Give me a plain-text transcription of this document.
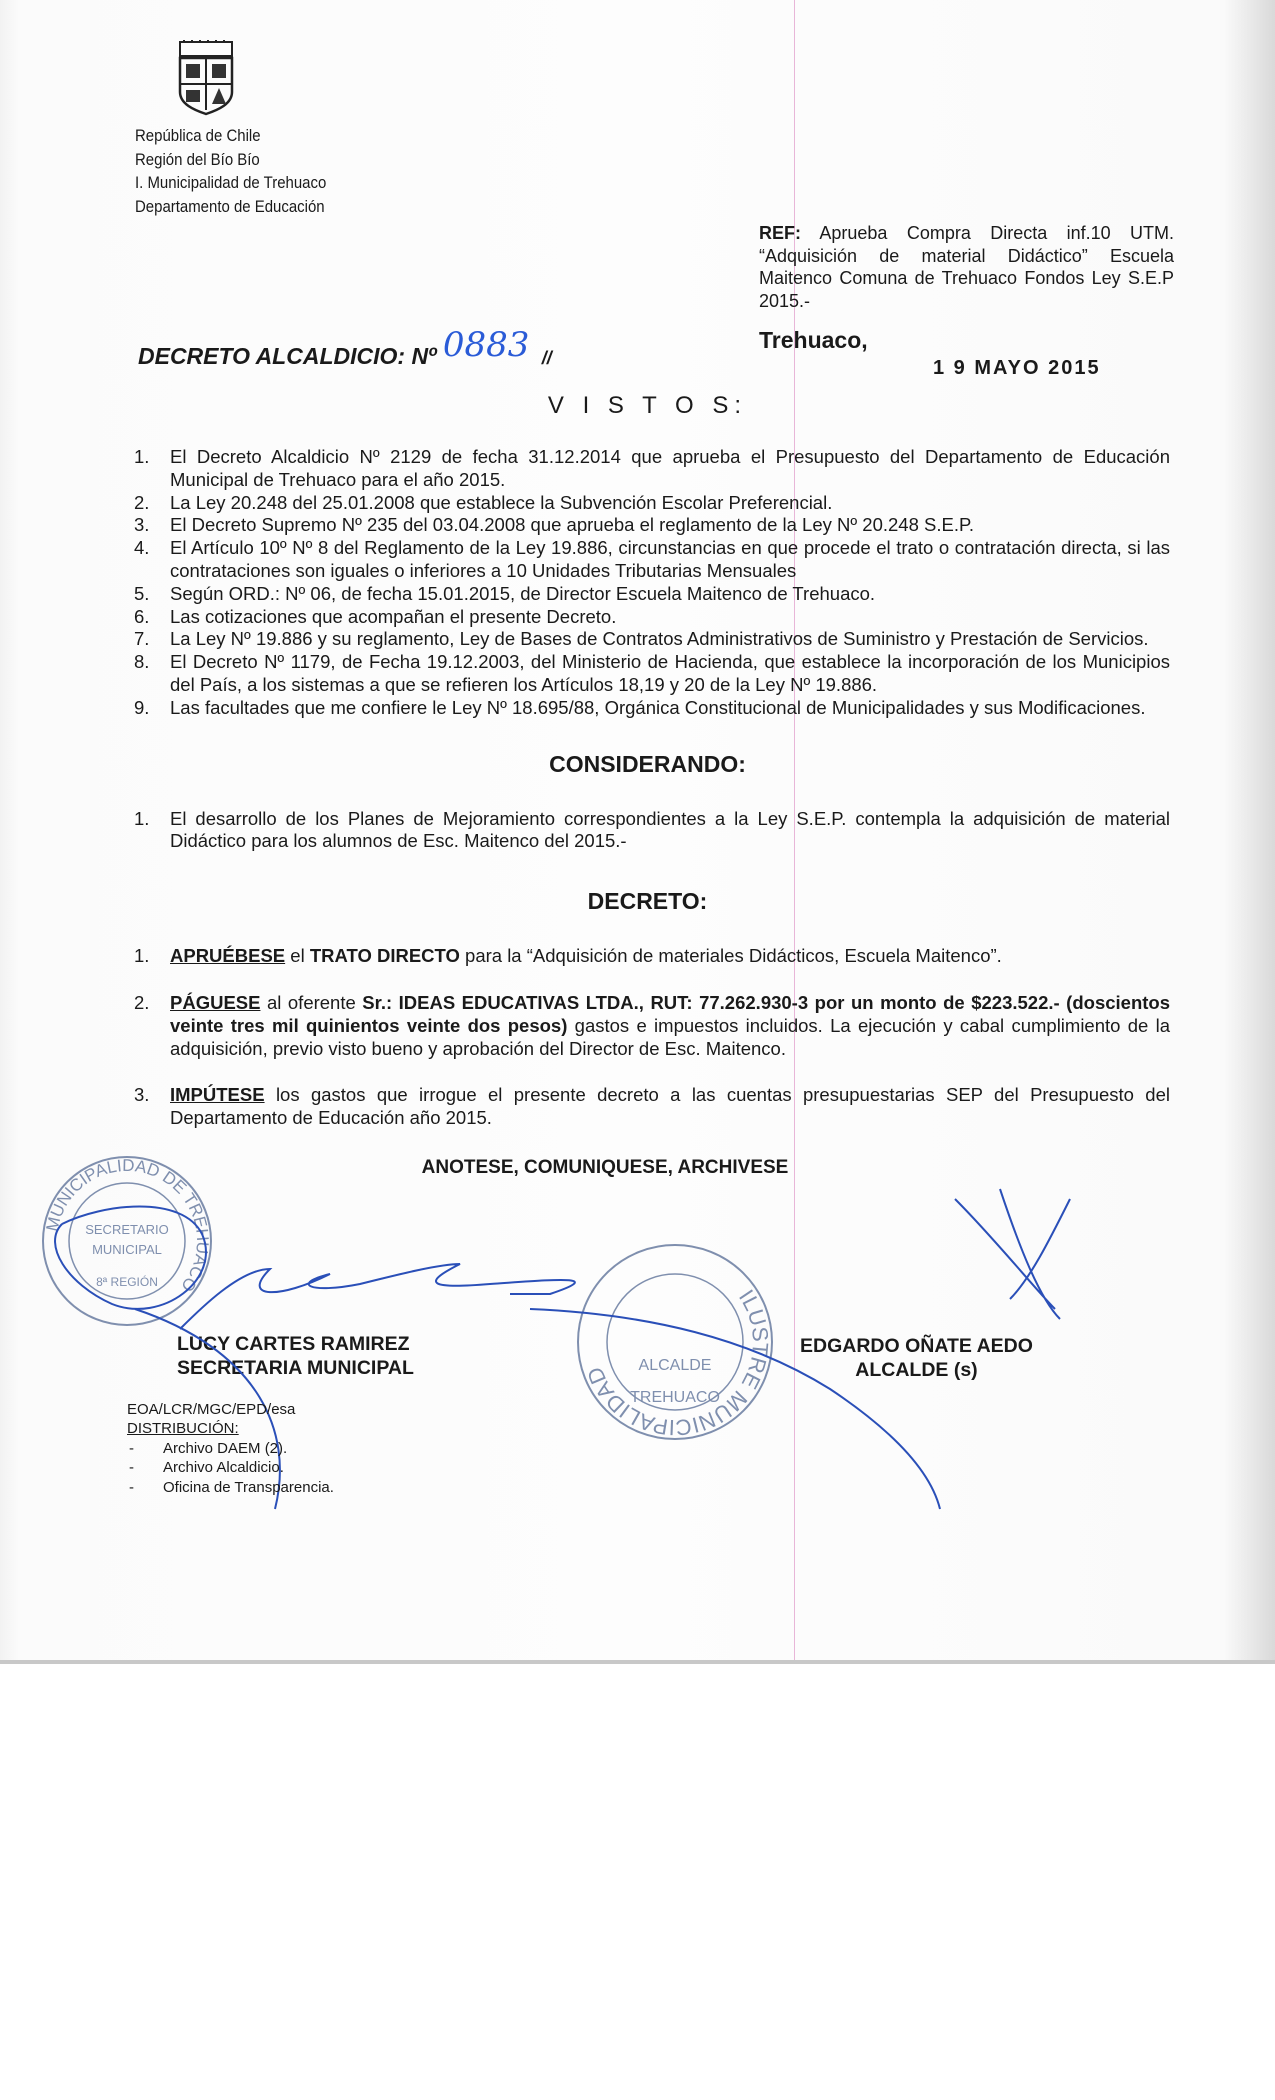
República de Chile
Región del Bío Bío
I. Municipalidad de Trehuaco
Departamento de Educación
REF: Aprueba Compra Directa inf.10 UTM. “Adquisición de material Didáctico” Escuela Maitenco Comuna de Trehuaco Fondos Ley S.E.P 2015.-
Trehuaco,
1 9 MAYO 2015
DECRETO ALCALDICIO: Nº 0883 //
V I S T O S:
1. El Decreto Alcaldicio Nº 2129 de fecha 31.12.2014 que aprueba el Presupuesto del Departamento de Educación Municipal de Trehuaco para el año 2015.
2. La Ley 20.248 del 25.01.2008 que establece la Subvención Escolar Preferencial.
3. El Decreto Supremo Nº 235 del 03.04.2008 que aprueba el reglamento de la Ley Nº 20.248 S.E.P.
4. El Artículo 10º Nº 8 del Reglamento de la Ley 19.886, circunstancias en que procede el trato o contratación directa, si las contrataciones son iguales o inferiores a 10 Unidades Tributarias Mensuales
5. Según ORD.: Nº 06, de fecha 15.01.2015, de Director Escuela Maitenco de Trehuaco.
6. Las cotizaciones que acompañan el presente Decreto.
7. La Ley Nº 19.886 y su reglamento, Ley de Bases de Contratos Administrativos de Suministro y Prestación de Servicios.
8. El Decreto Nº 1179, de Fecha 19.12.2003, del Ministerio de Hacienda, que establece la incorporación de los Municipios del País, a los sistemas a que se refieren los Artículos 18,19 y 20 de la Ley Nº 19.886.
9. Las facultades que me confiere le Ley Nº 18.695/88, Orgánica Constitucional de Municipalidades y sus Modificaciones.
CONSIDERANDO:
1. El desarrollo de los Planes de Mejoramiento correspondientes a la Ley S.E.P. contempla la adquisición de material Didáctico para los alumnos de Esc. Maitenco del 2015.-
DECRETO:
1. APRUÉBESE el TRATO DIRECTO para la “Adquisición de materiales Didácticos, Escuela Maitenco”.
2. PÁGUESE al oferente Sr.: IDEAS EDUCATIVAS LTDA., RUT: 77.262.930-3 por un monto de $223.522.- (doscientos veinte tres mil quinientos veinte dos pesos) gastos e impuestos incluidos. La ejecución y cabal cumplimiento de la adquisición, previo visto bueno y aprobación del Director de Esc. Maitenco.
3. IMPÚTESE los gastos que irrogue el presente decreto a las cuentas presupuestarias SEP del Presupuesto del Departamento de Educación año 2015.
ANOTESE, COMUNIQUESE, ARCHIVESE
MUNICIPALIDAD DE TREHUACO
SECRETARIO
MUNICIPAL
8ª REGIÓN
ILUSTRE MUNICIPALIDAD	ALCALDE
TREHUACO
LUCY CARTES RAMIREZ
SECRETARIA MUNICIPAL
EDGARDO OÑATE AEDO
ALCALDE (s)
EOA/LCR/MGC/EPD/esa
DISTRIBUCIÓN:
- Archivo DAEM (2).
- Archivo Alcaldicio.
- Oficina de Transparencia.
